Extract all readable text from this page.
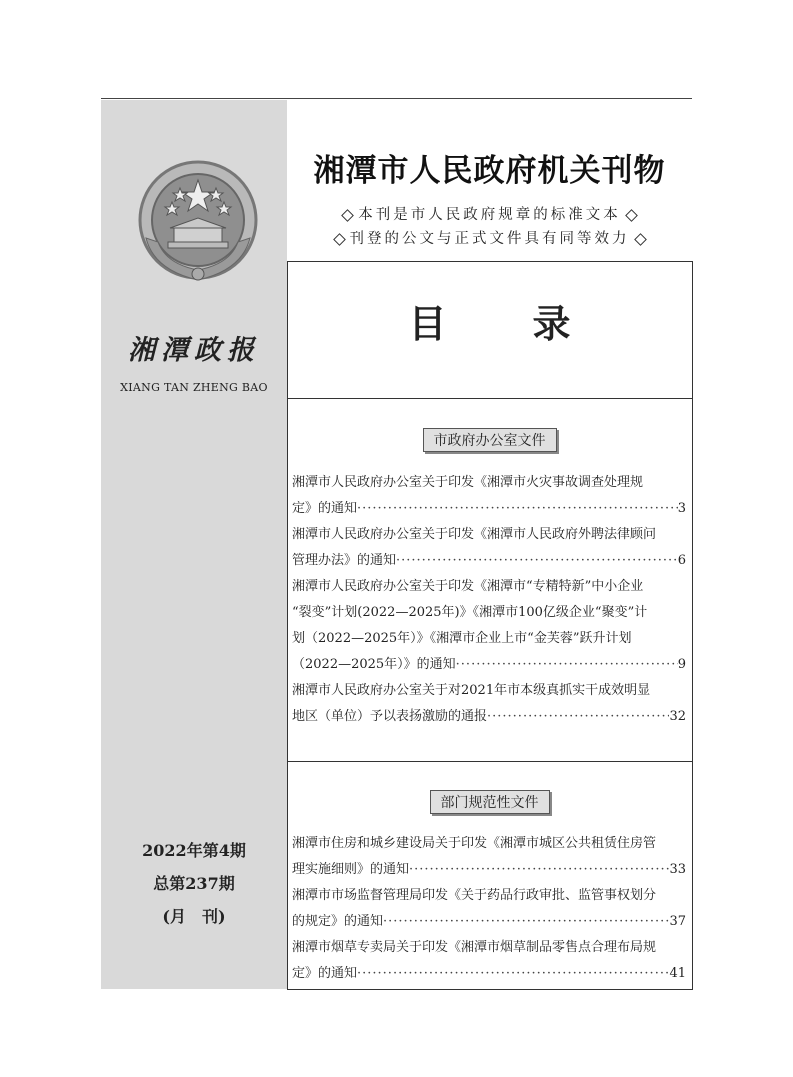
湘潭政报
XIANG TAN ZHENG BAO
2022年第4期
总第237期
(月　刊)
湘潭市人民政府机关刊物
本刊是市人民政府规章的标准文本
刊登的公文与正式文件具有同等效力
目　录
市政府办公室文件
湘潭市人民政府办公室关于印发《湘潭市火灾事故调查处理规
定》的通知 ·····	3
湘潭市人民政府办公室关于印发《湘潭市人民政府外聘法律顾问
管理办法》的通知 ·····	6
湘潭市人民政府办公室关于印发《湘潭市“专精特新”中小企业
“裂变”计划(2022—2025年)》《湘潭市100亿级企业“聚变”计
划（2022—2025年）》《湘潭市企业上市“金芙蓉”跃升计划
（2022—2025年）》的通知 ·····	9
湘潭市人民政府办公室关于对2021年市本级真抓实干成效明显
地区（单位）予以表扬激励的通报 ·····	32
部门规范性文件
湘潭市住房和城乡建设局关于印发《湘潭市城区公共租赁住房管
理实施细则》的通知 ·····	33
湘潭市市场监督管理局印发《关于药品行政审批、监管事权划分
的规定》的通知 ·····	37
湘潭市烟草专卖局关于印发《湘潭市烟草制品零售点合理布局规
定》的通知 ·····	41
